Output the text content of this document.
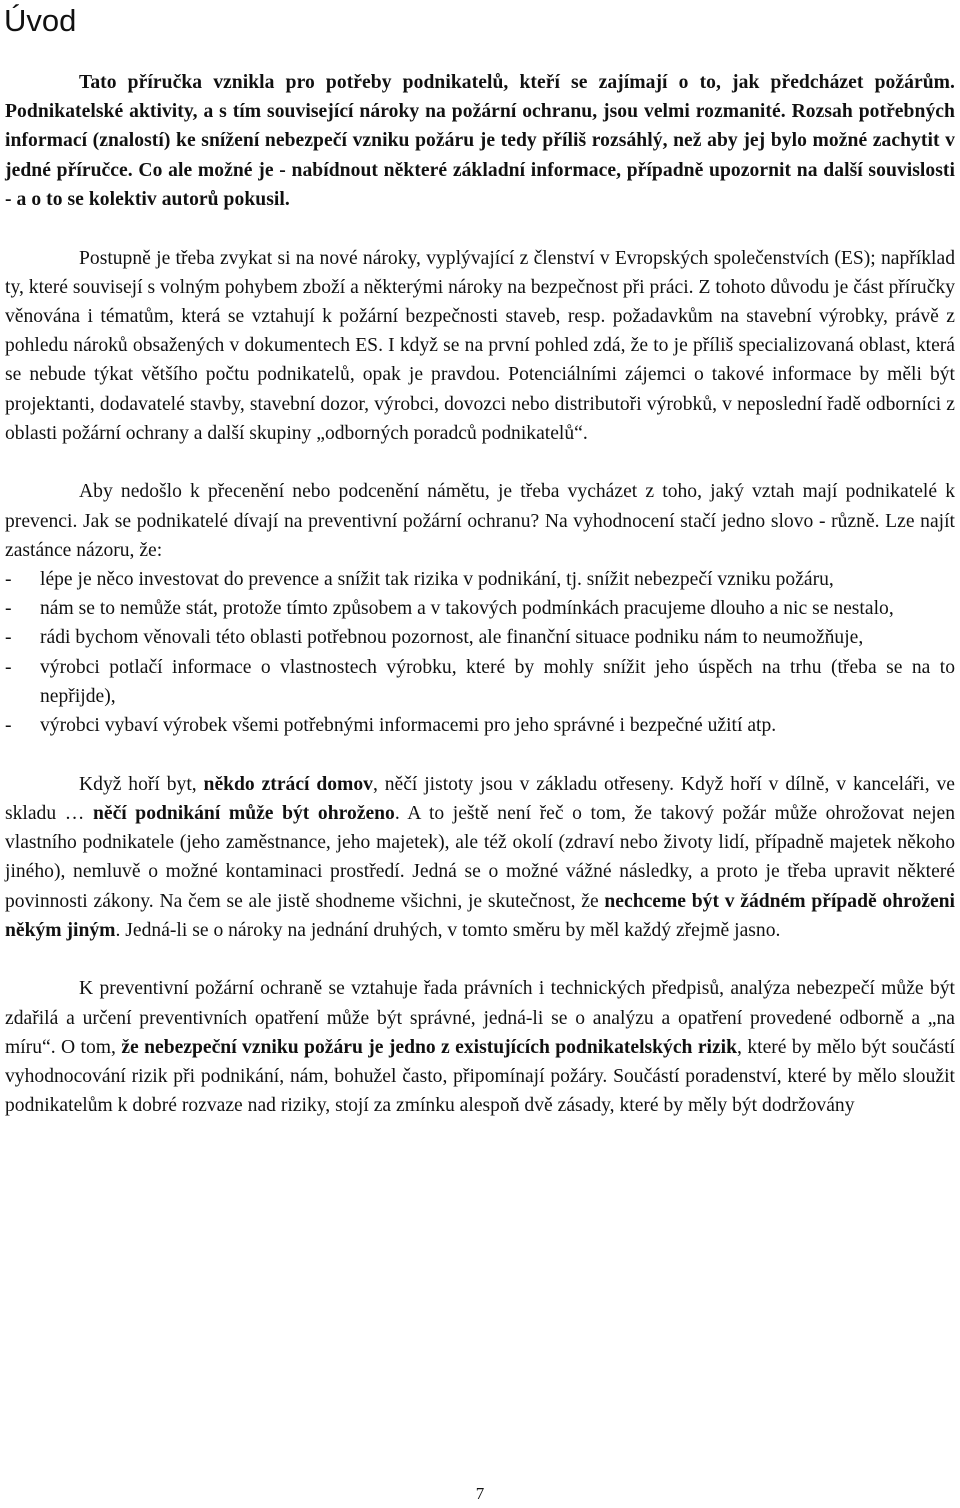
Úvod

Tato příručka vznikla pro potřeby podnikatelů, kteří se zajímají o to, jak předcházet požárům. Podnikatelské aktivity, a s tím související nároky na požární ochranu, jsou velmi rozmanité. Rozsah potřebných informací (znalostí) ke snížení nebezpečí vzniku požáru je tedy příliš rozsáhlý, než aby jej bylo možné zachytit v jedné příručce. Co ale možné je - nabídnout některé základní informace, případně upozornit na další souvislosti - a o to se kolektiv autorů pokusil.

Postupně je třeba zvykat si na nové nároky, vyplývající z členství v Evropských společenstvích (ES); například ty, které souvisejí s volným pohybem zboží a některými nároky na bezpečnost při práci. Z tohoto důvodu je část příručky věnována i tématům, která se vztahují k požární bezpečnosti staveb, resp. požadavkům na stavební výrobky, právě z pohledu nároků obsažených v dokumentech ES. I když se na první pohled zdá, že to je příliš specializovaná oblast, která se nebude týkat většího počtu podnikatelů, opak je pravdou. Potenciálními zájemci o takové informace by měli být projektanti, dodavatelé stavby, stavební dozor, výrobci, dovozci nebo distributoři výrobků, v neposlední řadě odborníci z oblasti požární ochrany a další skupiny „odborných poradců podnikatelů“.

Aby nedošlo k přecenění nebo podcenění námětu, je třeba vycházet z toho, jaký vztah mají podnikatelé k prevenci. Jak se podnikatelé dívají na preventivní požární ochranu? Na vyhodnocení stačí jedno slovo - různě. Lze najít zastánce názoru, že:

- lépe je něco investovat do prevence a snížit tak rizika v podnikání, tj. snížit nebezpečí vzniku požáru,
- nám se to nemůže stát, protože tímto způsobem a v takových podmínkách pracujeme dlouho a nic se nestalo,
- rádi bychom věnovali této oblasti potřebnou pozornost, ale finanční situace podniku nám to neumožňuje,
- výrobci potlačí informace o vlastnostech výrobku, které by mohly snížit jeho úspěch na trhu (třeba se na to nepřijde),
- výrobci vybaví výrobek všemi potřebnými informacemi pro jeho správné i bezpečné užití atp.

Když hoří byt, někdo ztrácí domov, něčí jistoty jsou v základu otřeseny. Když hoří v dílně, v kanceláři, ve skladu … něčí podnikání může být ohroženo. A to ještě není řeč o tom, že takový požár může ohrožovat nejen vlastního podnikatele (jeho zaměstnance, jeho majetek), ale též okolí (zdraví nebo životy lidí, případně majetek někoho jiného), nemluvě o možné kontaminaci prostředí. Jedná se o možné vážné následky, a proto je třeba upravit některé povinnosti zákony. Na čem se ale jistě shodneme všichni, je skutečnost, že nechceme být v žádném případě ohroženi někým jiným. Jedná-li se o nároky na jednání druhých, v tomto směru by měl každý zřejmě jasno.

K preventivní požární ochraně se vztahuje řada právních i technických předpisů, analýza nebezpečí může být zdařilá a určení preventivních opatření může být správné, jedná-li se o analýzu a opatření provedené odborně a „na míru“. O tom, že nebezpeční vzniku požáru je jedno z existujících podnikatelských rizik, které by mělo být součástí vyhodnocování rizik při podnikání, nám, bohužel často, připomínají požáry. Součástí poradenství, které by mělo sloužit podnikatelům k dobré rozvaze nad riziky, stojí za zmínku alespoň dvě zásady, které by měly být dodržovány

7
